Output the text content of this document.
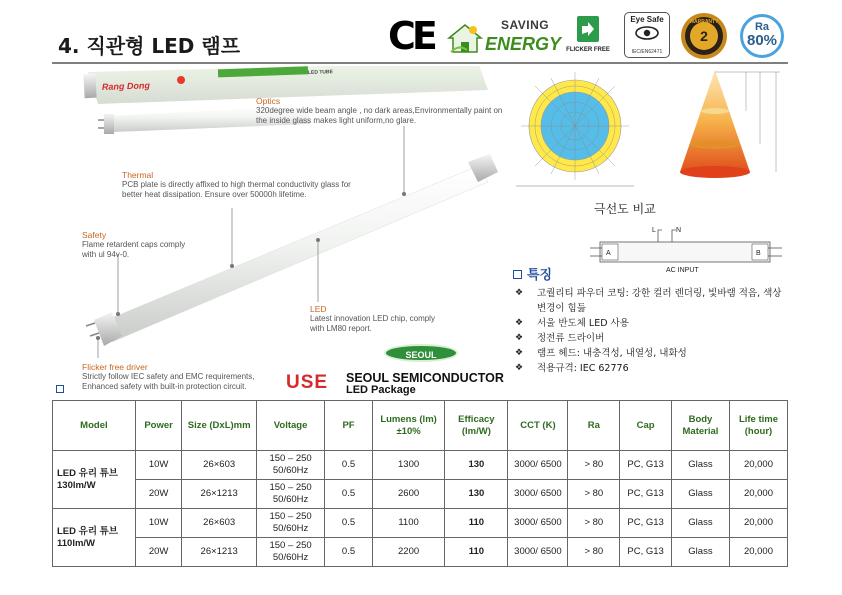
4. 직관형 LED 램프	CE	SAVING
ENERGY FLICKER FREE
Eye Safe
IEC/EN62471
2
WARRANTY	Ra
80%
Rang Dong
LED TUBE
Optics
320degree wide beam angle , no dark areas,Environmentally paint on the inside glass makes light uniform,no glare.
Thermal
PCB plate is directly affixed to high thermal conductivity glass for better heat dissipation. Ensure over 50000h lifetime.
Safety
Flame retardent caps comply with ul 94v-0.
LED
Latest innovation LED chip, comply with LM80 report.
Flicker free driver
Strictly follow IEC safety and EMC requirements, Enhanced safety with built-in protection circuit.
SEOUL
USE SEOUL SEMICONDUCTOR
LED Package
극선도 비교
L	N
A	B
AC INPUT
특징
❖ 고퀄리티 파우더 코팅: 강한 컬러 렌더링, 빛바램 적음, 색상 변경이 힘듦
❖ 서울 반도체 LED 사용
❖ 정전류 드라이버
❖ 램프 헤드: 내충격성, 내열성, 내화성
❖ 적용규격: IEC 62776
Model	Power	Size (DxL)mm	Voltage	PF	Lumens (lm) ±10%	Efficacy (lm/W)	CCT (K)	Ra	Cap	Body Material	Life time (hour)
LED 유리 튜브 130lm/W	10W	26×603	150 – 250 50/60Hz	0.5	1300	130	3000/ 6500	> 80	PC, G13	Glass	20,000
	20W	26×1213	150 – 250 50/60Hz	0.5	2600	130	3000/ 6500	> 80	PC, G13	Glass	20,000
LED 유리 튜브 110lm/W	10W	26×603	150 – 250 50/60Hz	0.5	1100	110	3000/ 6500	> 80	PC, G13	Glass	20,000
	20W	26×1213	150 – 250 50/60Hz	0.5	2200	110	3000/ 6500	> 80	PC, G13	Glass	20,000
